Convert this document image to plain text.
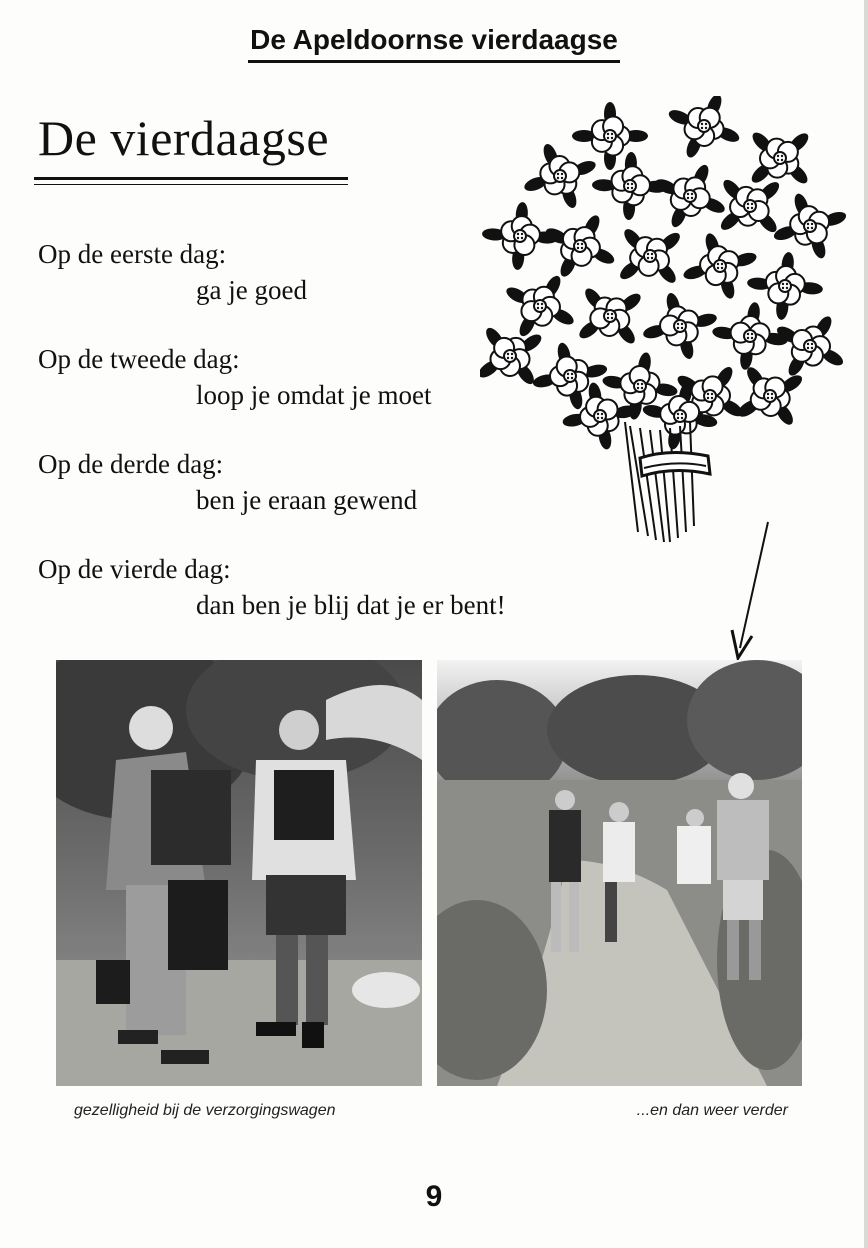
De Apeldoornse vierdaagse
De vierdaagse
Op de eerste dag:
ga je goed
Op de tweede dag:
loop je omdat je moet
Op de derde dag:
ben je eraan gewend
Op de vierde dag:
dan ben je blij dat je er bent!
gezelligheid bij de verzorgingswagen	...en dan weer verder
9
